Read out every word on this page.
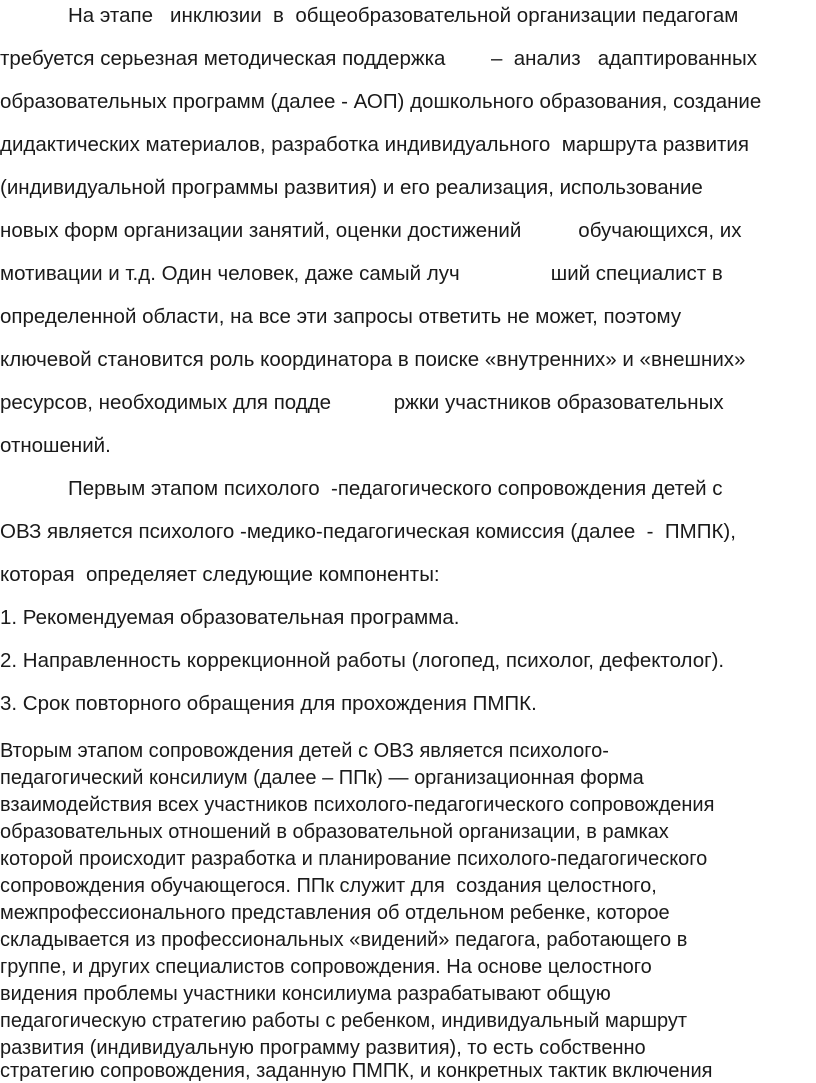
На этапе   инклюзии  в  общеобразовательной организации педагогам

требуется серьезная методическая поддержка        –  анализ   адаптированных

образовательных программ (далее - АОП) дошкольного образования, создание

дидактических материалов, разработка индивидуального  маршрута развития

(индивидуальной программы развития) и его реализация, использование

новых форм организации занятий, оценки достижений          обучающихся, их

мотивации и т.д. Один человек, даже самый луч                ший специалист в

определенной области, на все эти запросы ответить не может, поэтому

ключевой становится роль координатора в поиске «внутренних» и «внешних»

ресурсов, необходимых для подде           ржки участников образовательных

отношений.

Первым этапом психолого  -педагогического сопровождения детей с

ОВЗ является психолого -медико-педагогическая комиссия (далее  -  ПМПК),

которая  определяет следующие компоненты:

1. Рекомендуемая образовательная программа.

2. Направленность коррекционной работы (логопед, психолог, дефектолог).

3. Срок повторного обращения для прохождения ПМПК.

Вторым этапом сопровождения детей с ОВЗ является психолого-

педагогический консилиум (далее – ППк) — организационная форма

взаимодействия всех участников психолого-педагогического сопровождения

образовательных отношений в образовательной организации, в рамках

которой происходит разработка и планирование психолого-педагогического

сопровождения обучающегося. ППк служит для  создания целостного,

межпрофессионального представления об отдельном ребенке, которое

складывается из профессиональных «видений» педагога, работающего в

группе, и других специалистов сопровождения. На основе целостного

видения проблемы участники консилиума разрабатывают общую

педагогическую стратегию работы с ребенком, индивидуальный маршрут

развития (индивидуальную программу развития), то есть собственно

стратегию сопровождения, заданную ПМПК, и конкретных тактик включения
